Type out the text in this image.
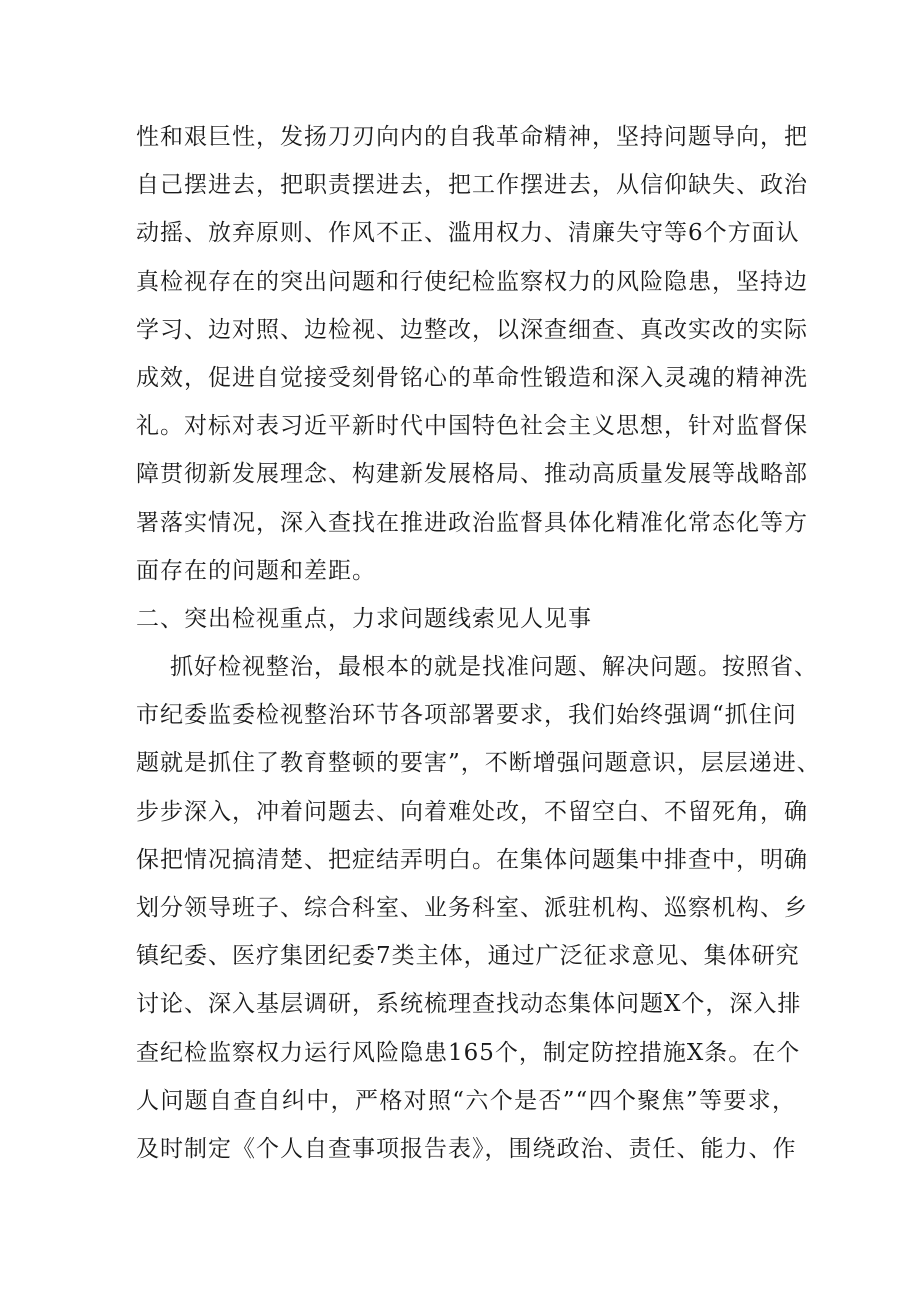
性和艰巨性，发扬刀刃向内的自我革命精神，坚持问题导向，把
自己摆进去，把职责摆进去，把工作摆进去，从信仰缺失、政治
动摇、放弃原则、作风不正、滥用权力、清廉失守等6个方面认
真检视存在的突出问题和行使纪检监察权力的风险隐患，坚持边
学习、边对照、边检视、边整改，以深查细查、真改实改的实际
成效，促进自觉接受刻骨铭心的革命性锻造和深入灵魂的精神洗
礼。对标对表习近平新时代中国特色社会主义思想，针对监督保
障贯彻新发展理念、构建新发展格局、推动高质量发展等战略部
署落实情况，深入查找在推进政治监督具体化精准化常态化等方
面存在的问题和差距。
二、突出检视重点，力求问题线索见人见事
抓好检视整治，最根本的就是找准问题、解决问题。按照省、
市纪委监委检视整治环节各项部署要求，我们始终强调“抓住问
题就是抓住了教育整顿的要害”，不断增强问题意识，层层递进、
步步深入，冲着问题去、向着难处改，不留空白、不留死角，确
保把情况搞清楚、把症结弄明白。在集体问题集中排查中，明确
划分领导班子、综合科室、业务科室、派驻机构、巡察机构、乡
镇纪委、医疗集团纪委7类主体，通过广泛征求意见、集体研究
讨论、深入基层调研，系统梳理查找动态集体问题X个，深入排
查纪检监察权力运行风险隐患165个，制定防控措施X条。在个
人问题自查自纠中，严格对照“六个是否”“四个聚焦”等要求，
及时制定《个人自查事项报告表》，围绕政治、责任、能力、作
